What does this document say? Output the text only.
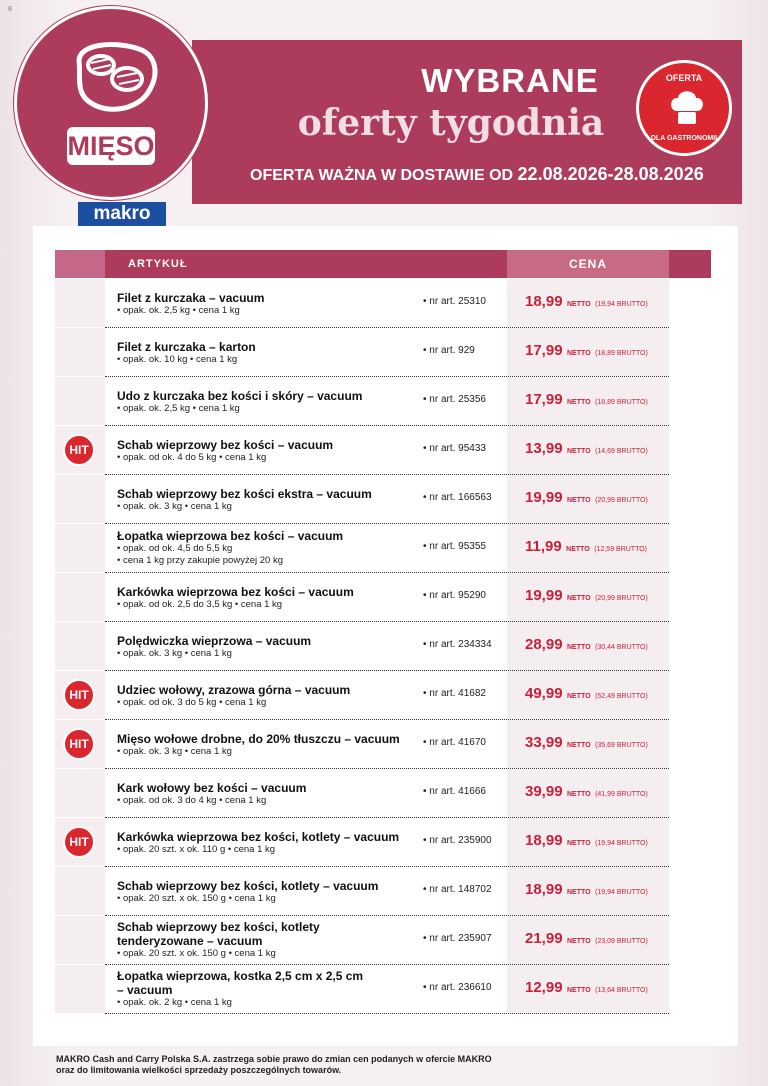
8
WYBRANE
oferty tygodnia
OFERTA WAŻNA W DOSTAWIE OD 22.08.2026-28.08.2026
OFERTA
DLA GASTRONOMII
MIĘSO
makro
ARTYKUŁ	CENA
Filet z kurczaka – vacuum
• opak. ok. 2,5 kg • cena 1 kg
• nr art. 25310	18,99 NETTO (19,94 BRUTTO)
Filet z kurczaka – karton
• opak. ok. 10 kg • cena 1 kg
• nr art. 929	17,99 NETTO (18,89 BRUTTO)
Udo z kurczaka bez kości i skóry – vacuum
• opak. ok. 2,5 kg • cena 1 kg
• nr art. 25356	17,99 NETTO (18,89 BRUTTO)
HIT	Schab wieprzowy bez kości – vacuum
• opak. od ok. 4 do 5 kg • cena 1 kg
• nr art. 95433	13,99 NETTO (14,69 BRUTTO)
Schab wieprzowy bez kości ekstra – vacuum
• opak. ok. 3 kg • cena 1 kg
• nr art. 166563 19,99 NETTO (20,99 BRUTTO)
Łopatka wieprzowa bez kości – vacuum
• opak. od ok. 4,5 do 5,5 kg
• cena 1 kg przy zakupie powyżej 20 kg
• nr art. 95355	11,99 NETTO (12,59 BRUTTO)
Karkówka wieprzowa bez kości – vacuum
• opak. od ok. 2,5 do 3,5 kg • cena 1 kg
• nr art. 95290	19,99 NETTO (20,99 BRUTTO)
Polędwiczka wieprzowa – vacuum
• opak. ok. 3 kg • cena 1 kg
• nr art. 234334 28,99 NETTO (30,44 BRUTTO)
HIT	Udziec wołowy, zrazowa górna – vacuum
• opak. od ok. 3 do 5 kg • cena 1 kg
• nr art. 41682	49,99 NETTO (52,49 BRUTTO)
HIT	Mięso wołowe drobne, do 20% tłuszczu – vacuum
• opak. ok. 3 kg • cena 1 kg
• nr art. 41670	33,99 NETTO (35,69 BRUTTO)
Kark wołowy bez kości – vacuum
• opak. od ok. 3 do 4 kg • cena 1 kg
• nr art. 41666	39,99 NETTO (41,99 BRUTTO)
HIT	Karkówka wieprzowa bez kości, kotlety – vacuum
• opak. 20 szt. x ok. 110 g • cena 1 kg
• nr art. 235900 18,99 NETTO (19,94 BRUTTO)
Schab wieprzowy bez kości, kotlety – vacuum
• opak. 20 szt. x ok. 150 g • cena 1 kg
• nr art. 148702 18,99 NETTO (19,94 BRUTTO)
Schab wieprzowy bez kości, kotlety
tenderyzowane – vacuum
• opak. 20 szt. x ok. 150 g • cena 1 kg
• nr art. 235907 21,99 NETTO (23,09 BRUTTO)
Łopatka wieprzowa, kostka 2,5 cm x 2,5 cm
– vacuum
• opak. ok. 2 kg • cena 1 kg
• nr art. 236610 12,99 NETTO (13,64 BRUTTO)
MAKRO Cash and Carry Polska S.A. zastrzega sobie prawo do zmian cen podanych w ofercie MAKRO
oraz do limitowania wielkości sprzedaży poszczególnych towarów.
